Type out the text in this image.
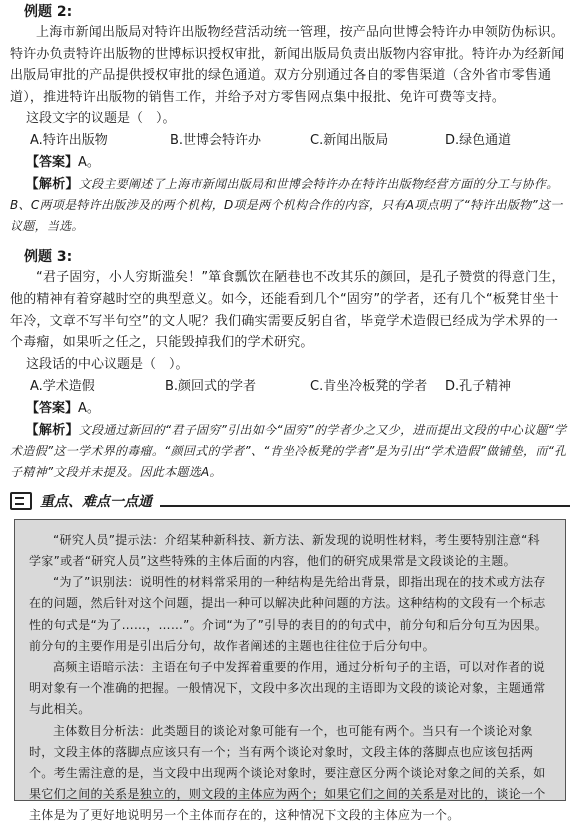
例题 2:

上海市新闻出版局对特许出版物经营活动统一管理，按产品向世博会特许办申领防伪标识。特许办负责特许出版物的世博标识授权审批，新闻出版局负责出版物内容审批。特许办为经新闻出版局审批的产品提供授权审批的绿色通道。双方分别通过各自的零售渠道（含外省市零售通道），推进特许出版物的销售工作，并给予对方零售网点集中报批、免许可费等支持。

这段文字的议题是（　）。
A.特许出版物	B.世博会特许办	C.新闻出版局	D.绿色通道
【答案】A。

【解析】文段主要阐述了上海市新闻出版局和世博会特许办在特许出版物经营方面的分工与协作。B、C两项是特许出版涉及的两个机构，D项是两个机构合作的内容，只有A项点明了“特许出版物”这一议题，当选。

例题 3:

“君子固穷，小人穷斯滥矣！”箪食瓢饮在陋巷也不改其乐的颜回，是孔子赞赏的得意门生，他的精神有着穿越时空的典型意义。如今，还能看到几个“固穷”的学者，还有几个“板凳甘坐十年冷，文章不写半句空”的文人呢？我们确实需要反躬自省，毕竟学术造假已经成为学术界的一个毒瘤，如果听之任之，只能毁掉我们的学术研究。

这段话的中心议题是（　）。
A.学术造假	B.颜回式的学者	C.肯坐冷板凳的学者	D.孔子精神
【答案】A。

【解析】文段通过新回的“君子固穷”引出如今“固穷”的学者少之又少，进而提出文段的中心议题“学术造假”这一学术界的毒瘤。“颜回式的学者”、“肯坐冷板凳的学者”是为引出“学术造假”做铺垫，而“孔子精神”文段并未提及。因此本题选A。

重点、难点一点通

“研究人员”提示法：介绍某种新科技、新方法、新发现的说明性材料，考生要特别注意“科学家”或者“研究人员”这些特殊的主体后面的内容，他们的研究成果常是文段谈论的主题。

“为了”识别法：说明性的材料常采用的一种结构是先给出背景，即指出现在的技术或方法存在的问题，然后针对这个问题，提出一种可以解决此种问题的方法。这种结构的文段有一个标志性的句式是“为了……，……”。介词“为了”引导的表目的的句式中，前分句和后分句互为因果。前分句的主要作用是引出后分句，故作者阐述的主题也往往位于后分句中。

高频主语暗示法：主语在句子中发挥着重要的作用，通过分析句子的主语，可以对作者的说明对象有一个准确的把握。一般情况下，文段中多次出现的主语即为文段的谈论对象，主题通常与此相关。

主体数目分析法：此类题目的谈论对象可能有一个，也可能有两个。当只有一个谈论对象时，文段主体的落脚点应该只有一个；当有两个谈论对象时，文段主体的落脚点也应该包括两个。考生需注意的是，当文段中出现两个谈论对象时，要注意区分两个谈论对象之间的关系，如果它们之间的关系是独立的，则文段的主体应为两个；如果它们之间的关系是对比的，谈论一个主体是为了更好地说明另一个主体而存在的，这种情况下文段的主体应为一个。
